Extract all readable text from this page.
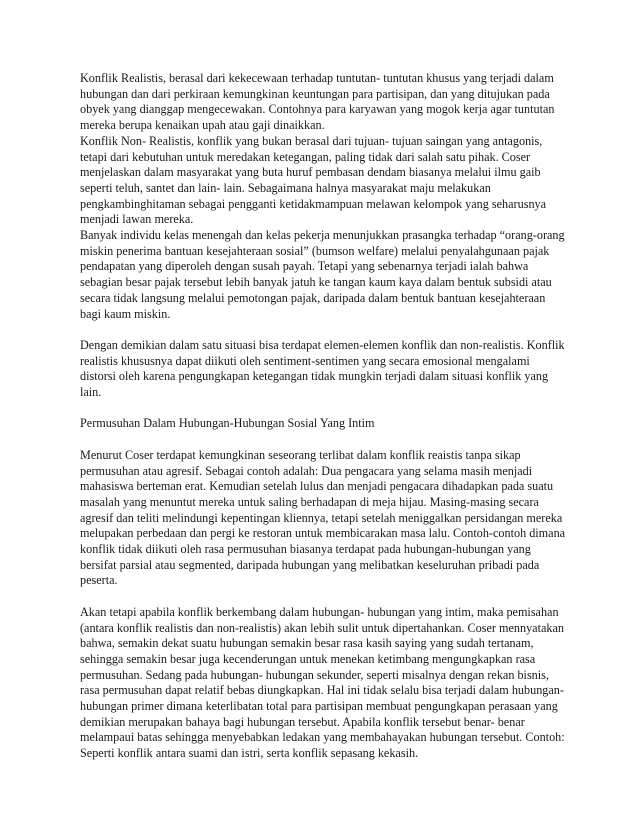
Konflik Realistis, berasal dari kekecewaan terhadap tuntutan- tuntutan khusus yang terjadi dalam hubungan dan dari perkiraan kemungkinan keuntungan para partisipan, dan yang ditujukan pada obyek yang dianggap mengecewakan. Contohnya para karyawan yang mogok kerja agar tuntutan mereka berupa kenaikan upah atau gaji dinaikkan.

Konflik Non- Realistis, konflik yang bukan berasal dari tujuan- tujuan saingan yang antagonis, tetapi dari kebutuhan untuk meredakan ketegangan, paling tidak dari salah satu pihak. Coser menjelaskan dalam masyarakat yang buta huruf pembasan dendam biasanya melalui ilmu gaib seperti teluh, santet dan lain- lain. Sebagaimana halnya masyarakat maju melakukan pengkambinghitaman sebagai pengganti ketidakmampuan melawan kelompok yang seharusnya menjadi lawan mereka.

Banyak individu kelas menengah dan kelas pekerja menunjukkan prasangka terhadap “orang-orang miskin penerima bantuan kesejahteraan sosial” (bumson welfare) melalui penyalahgunaan pajak pendapatan yang diperoleh dengan susah payah. Tetapi yang sebenarnya terjadi ialah bahwa sebagian besar pajak tersebut lebih banyak jatuh ke tangan kaum kaya dalam bentuk subsidi atau secara tidak langsung melalui pemotongan pajak, daripada dalam bentuk bantuan kesejahteraan bagi kaum miskin.

Dengan demikian dalam satu situasi bisa terdapat elemen-elemen konflik dan non-realistis. Konflik realistis khususnya dapat diikuti oleh sentiment-sentimen yang secara emosional mengalami distorsi oleh karena pengungkapan ketegangan tidak mungkin terjadi dalam situasi konflik yang lain.

Permusuhan Dalam Hubungan-Hubungan Sosial Yang Intim

Menurut Coser terdapat kemungkinan seseorang terlibat dalam konflik reaistis tanpa sikap permusuhan atau agresif. Sebagai contoh adalah: Dua pengacara yang selama masih menjadi mahasiswa berteman erat. Kemudian setelah lulus dan menjadi pengacara dihadapkan pada suatu masalah yang menuntut mereka untuk saling berhadapan di meja hijau. Masing-masing secara agresif dan teliti melindungi kepentingan kliennya, tetapi setelah meniggalkan persidangan mereka melupakan perbedaan dan pergi ke restoran untuk membicarakan masa lalu. Contoh-contoh dimana konflik tidak diikuti oleh rasa permusuhan biasanya terdapat pada hubungan-hubungan yang bersifat parsial atau segmented, daripada hubungan yang melibatkan keseluruhan pribadi pada peserta.

Akan tetapi apabila konflik berkembang dalam hubungan- hubungan yang intim, maka pemisahan (antara konflik realistis dan non-realistis) akan lebih sulit untuk dipertahankan. Coser mennyatakan bahwa, semakin dekat suatu hubungan semakin besar rasa kasih saying yang sudah tertanam, sehingga semakin besar juga kecenderungan untuk menekan ketimbang mengungkapkan rasa permusuhan. Sedang pada hubungan- hubungan sekunder, seperti misalnya dengan rekan bisnis, rasa permusuhan dapat relatif bebas diungkapkan. Hal ini tidak selalu bisa terjadi dalam hubungan- hubungan primer dimana keterlibatan total para partisipan membuat pengungkapan perasaan yang demikian merupakan bahaya bagi hubungan tersebut. Apabila konflik tersebut benar- benar melampaui batas sehingga menyebabkan ledakan yang membahayakan hubungan tersebut. Contoh: Seperti konflik antara suami dan istri, serta konflik sepasang kekasih.
